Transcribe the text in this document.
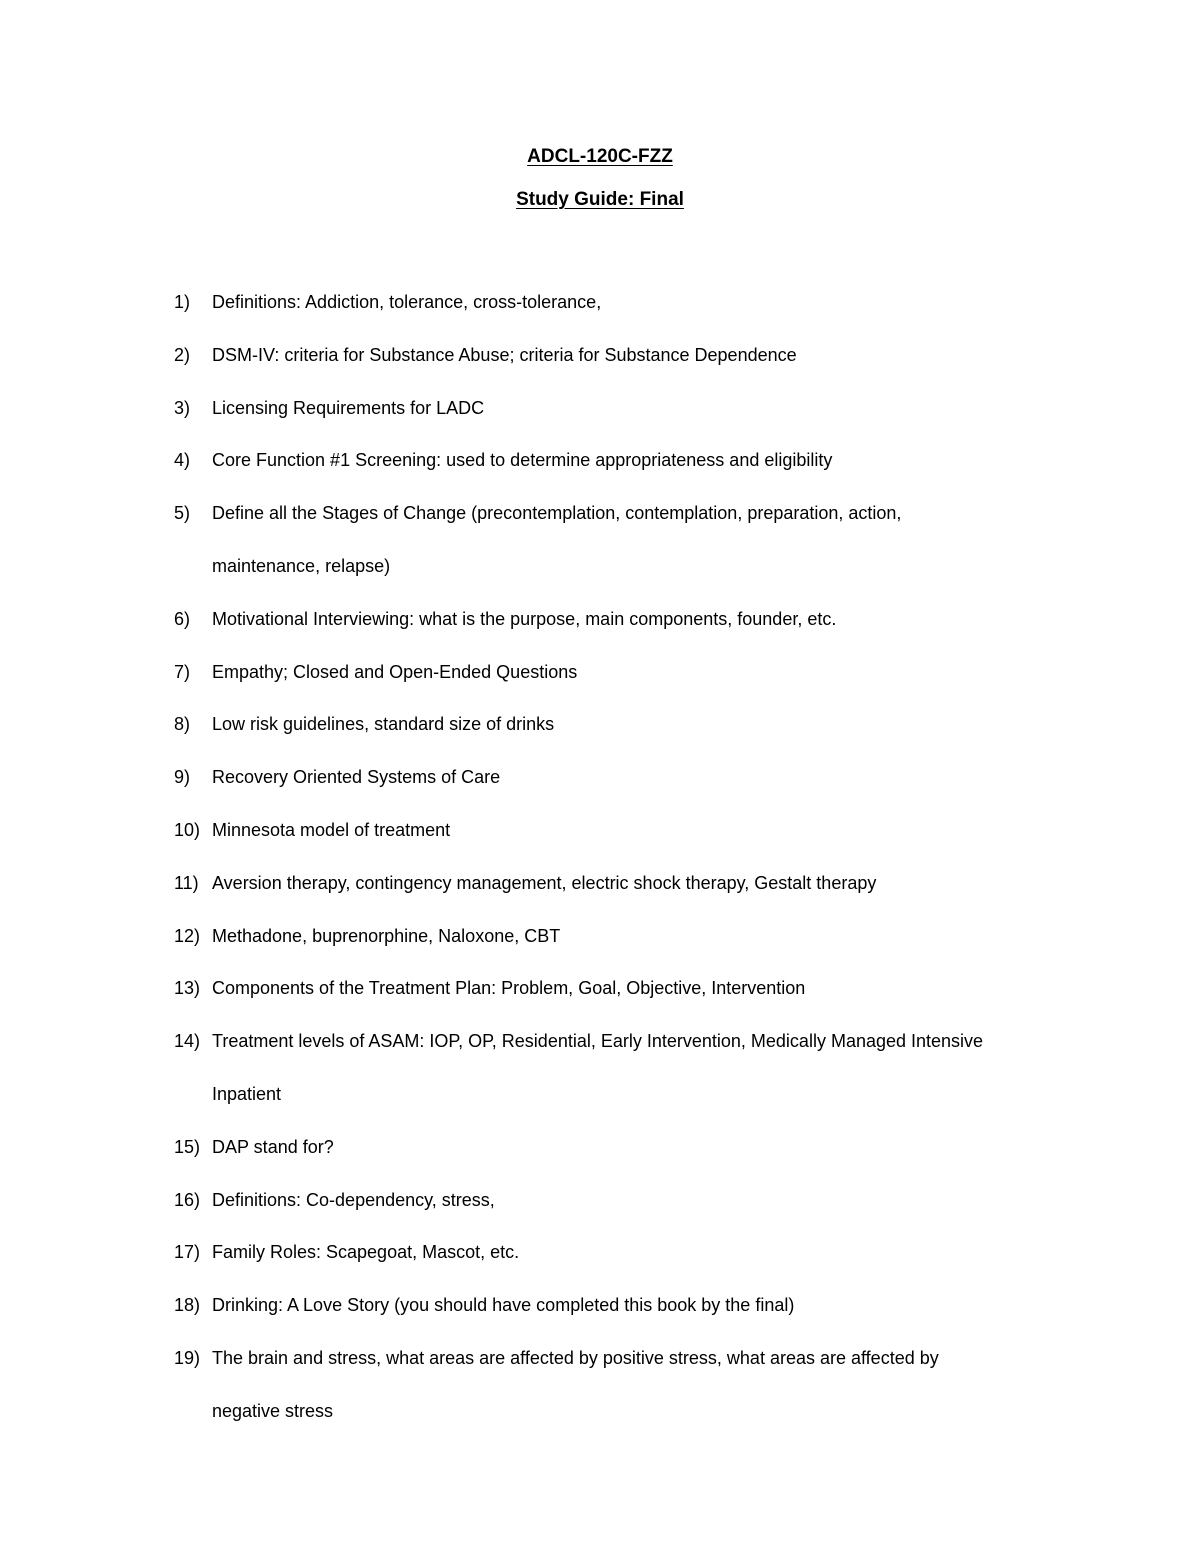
ADCL-120C-FZZ
Study Guide: Final
1) Definitions: Addiction, tolerance, cross-tolerance,
2) DSM-IV: criteria for Substance Abuse; criteria for Substance Dependence
3) Licensing Requirements for LADC
4) Core Function #1 Screening: used to determine appropriateness and eligibility
5) Define all the Stages of Change (precontemplation, contemplation, preparation, action,
maintenance, relapse)
6) Motivational Interviewing: what is the purpose, main components, founder, etc.
7) Empathy; Closed and Open-Ended Questions
8) Low risk guidelines, standard size of drinks
9) Recovery Oriented Systems of Care
10) Minnesota model of treatment
11) Aversion therapy, contingency management, electric shock therapy, Gestalt therapy
12) Methadone, buprenorphine, Naloxone, CBT
13) Components of the Treatment Plan: Problem, Goal, Objective, Intervention
14) Treatment levels of ASAM: IOP, OP, Residential, Early Intervention, Medically Managed Intensive
Inpatient
15) DAP stand for?
16) Definitions: Co-dependency, stress,
17) Family Roles: Scapegoat, Mascot, etc.
18) Drinking: A Love Story (you should have completed this book by the final)
19) The brain and stress, what areas are affected by positive stress, what areas are affected by
negative stress
